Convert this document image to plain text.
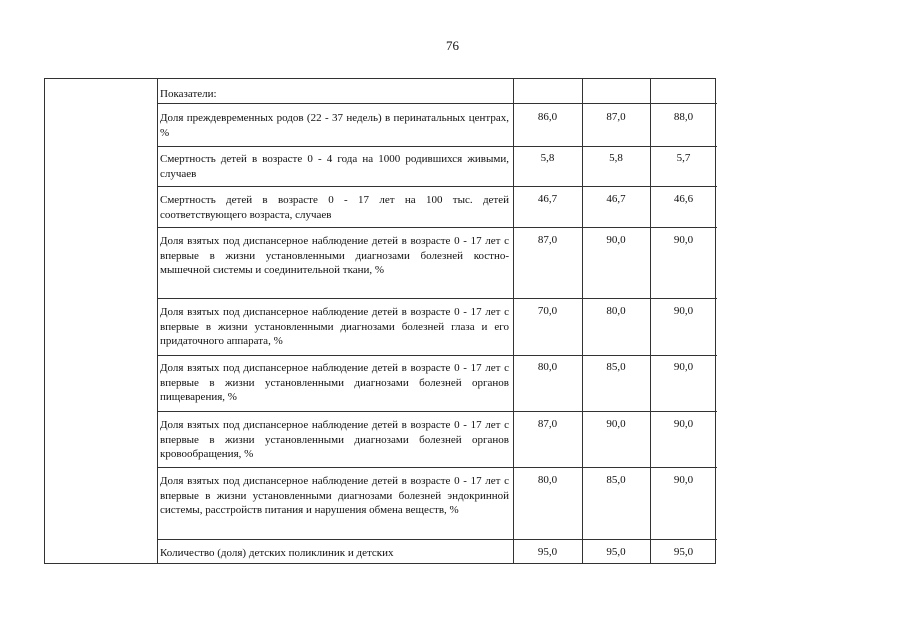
76
Показатели:
Доля преждевременных родов (22 - 37 недель) в перинатальных центрах, %
86,0	87,0	88,0
Смертность детей в возрасте 0 - 4 года на 1000 родившихся живыми, случаев
5,8	5,8	5,7
Смертность детей в возрасте 0 - 17 лет на 100 тыс. детей соответствующего возраста, случаев
46,7	46,7	46,6
Доля взятых под диспансерное наблюдение детей в возрасте 0 - 17 лет с впервые в жизни установленными диагнозами болезней костно-мышечной системы и соединительной ткани, %
87,0	90,0	90,0
Доля взятых под диспансерное наблюдение детей в возрасте 0 - 17 лет с впервые в жизни установленными диагнозами болезней глаза и его придаточного аппарата, %
70,0	80,0	90,0
Доля взятых под диспансерное наблюдение детей в возрасте 0 - 17 лет с впервые в жизни установленными диагнозами болезней органов пищеварения, %
80,0	85,0	90,0
Доля взятых под диспансерное наблюдение детей в возрасте 0 - 17 лет с впервые в жизни установленными диагнозами болезней органов кровообращения, %
87,0	90,0	90,0
Доля взятых под диспансерное наблюдение детей в возрасте 0 - 17 лет с впервые в жизни установленными диагнозами болезней эндокринной системы, расстройств питания и нарушения обмена веществ, %
80,0	85,0	90,0
Количество (доля) детских поликлиник и детских	95,0	95,0	95,0
